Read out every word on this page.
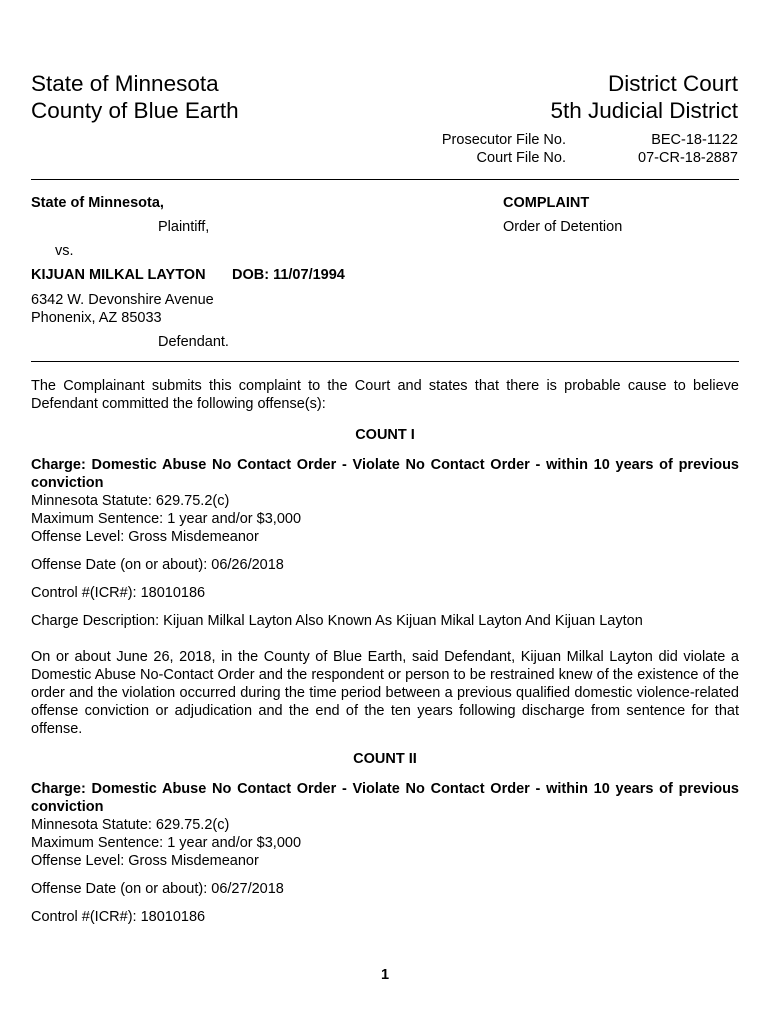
State of Minnesota
County of Blue Earth
District Court
5th Judicial District
Prosecutor File No.	BEC-18-1122
Court File No.	07-CR-18-2887
State of Minnesota,
Plaintiff,
vs.
KIJUAN MILKAL LAYTON DOB: 11/07/1994
6342 W. Devonshire Avenue
Phonenix, AZ 85033
Defendant.
COMPLAINT
Order of Detention
The Complainant submits this complaint to the Court and states that there is probable cause to believe Defendant committed the following offense(s):
COUNT I
Charge: Domestic Abuse No Contact Order - Violate No Contact Order - within 10 years of previous conviction
Minnesota Statute: 629.75.2(c)
Maximum Sentence: 1 year and/or $3,000
Offense Level: Gross Misdemeanor
Offense Date (on or about): 06/26/2018
Control #(ICR#): 18010186
Charge Description: Kijuan Milkal Layton Also Known As Kijuan Mikal Layton And Kijuan Layton
On or about June 26, 2018, in the County of Blue Earth, said Defendant, Kijuan Milkal Layton did violate a Domestic Abuse No-Contact Order and the respondent or person to be restrained knew of the existence of the order and the violation occurred during the time period between a previous qualified domestic violence-related offense conviction or adjudication and the end of the ten years following discharge from sentence for that offense.
COUNT II
Charge: Domestic Abuse No Contact Order - Violate No Contact Order - within 10 years of previous conviction
Minnesota Statute: 629.75.2(c)
Maximum Sentence: 1 year and/or $3,000
Offense Level: Gross Misdemeanor
Offense Date (on or about): 06/27/2018
Control #(ICR#): 18010186
1
